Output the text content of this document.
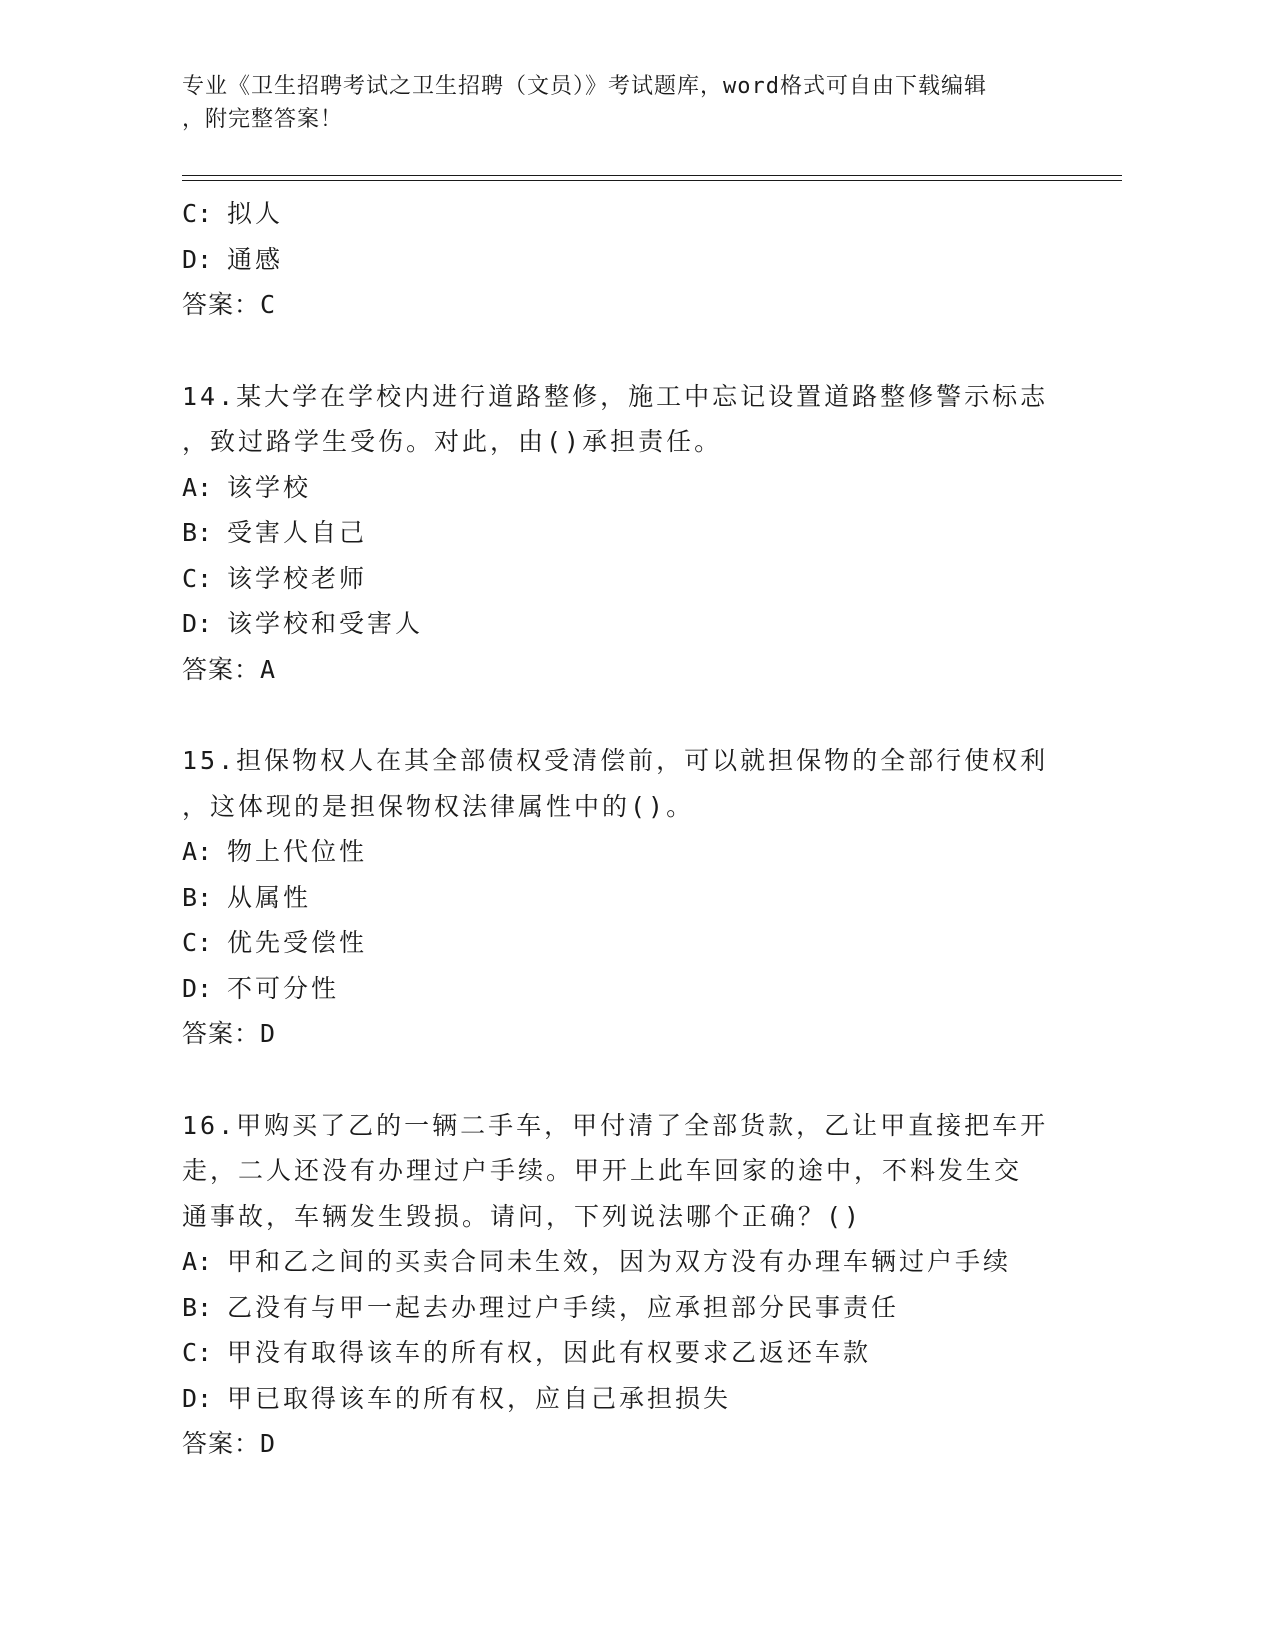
专业《卫生招聘考试之卫生招聘（文员）》考试题库，word格式可自由下载编辑
，附完整答案！
C: 拟人
D: 通感
答案：C
14.某大学在学校内进行道路整修，施工中忘记设置道路整修警示标志
，致过路学生受伤。对此，由()承担责任。
A: 该学校
B: 受害人自己
C: 该学校老师
D: 该学校和受害人
答案：A
15.担保物权人在其全部债权受清偿前，可以就担保物的全部行使权利
，这体现的是担保物权法律属性中的()。
A: 物上代位性
B: 从属性
C: 优先受偿性
D: 不可分性
答案：D
16.甲购买了乙的一辆二手车，甲付清了全部货款，乙让甲直接把车开
走，二人还没有办理过户手续。甲开上此车回家的途中，不料发生交
通事故，车辆发生毁损。请问，下列说法哪个正确？()
A: 甲和乙之间的买卖合同未生效，因为双方没有办理车辆过户手续
B: 乙没有与甲一起去办理过户手续，应承担部分民事责任
C: 甲没有取得该车的所有权，因此有权要求乙返还车款
D: 甲已取得该车的所有权，应自己承担损失
答案：D
